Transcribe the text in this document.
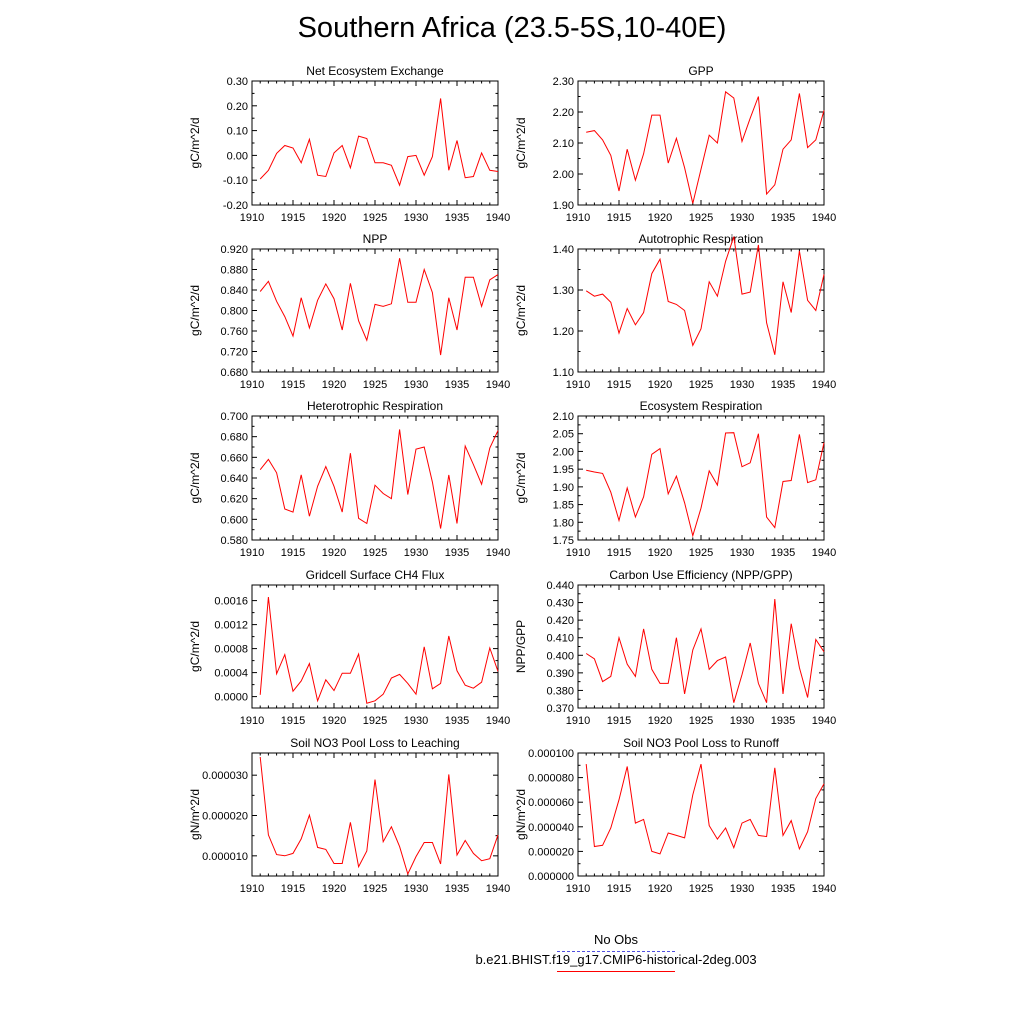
Southern Africa (23.5-5S,10-40E)
Net Ecosystem Exchange
gC/m^2/d
1910 1915 1920 1925 1930 1935 1940
-0.20
-0.10
0.00
0.10
0.20
0.30
GPP
gC/m^2/d
1910 1915 1920 1925 1930 1935 1940
1.90
2.00
2.10
2.20
2.30
NPP
gC/m^2/d
1910 1915 1920 1925 1930 1935 1940
0.680
0.720
0.760
0.800
0.840
0.880
0.920
Autotrophic Respiration
gC/m^2/d
1910 1915 1920 1925 1930 1935 1940
1.10
1.20
1.30
1.40
Heterotrophic Respiration
gC/m^2/d
1910 1915 1920 1925 1930 1935 1940
0.580
0.600
0.620
0.640
0.660
0.680
0.700
Ecosystem Respiration
gC/m^2/d
1910 1915 1920 1925 1930 1935 1940
1.75
1.80
1.85
1.90
1.95
2.00
2.05
2.10
Gridcell Surface CH4 Flux
gC/m^2/d
1910 1915 1920 1925 1930 1935 1940
0.0000
0.0004
0.0008
0.0012
0.0016
Carbon Use Efficiency (NPP/GPP)
NPP/GPP
1910 1915 1920 1925 1930 1935 1940
0.370
0.380
0.390
0.400
0.410
0.420
0.430
0.440
Soil NO3 Pool Loss to Leaching
gN/m^2/d
1910 1915 1920 1925 1930 1935 1940
0.000010
0.000020
0.000030
Soil NO3 Pool Loss to Runoff
gN/m^2/d
1910 1915 1920 1925 1930 1935 1940
0.000000
0.000020
0.000040
0.000060
0.000080
0.000100
No Obs
b.e21.BHIST.f19_g17.CMIP6-historical-2deg.003
